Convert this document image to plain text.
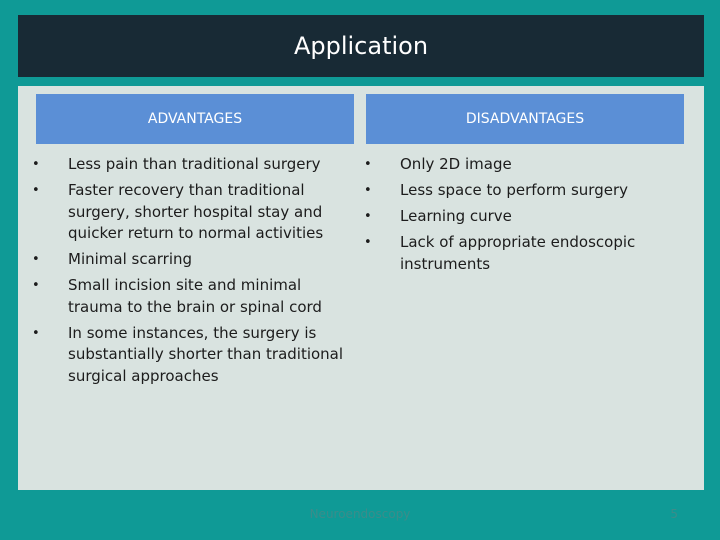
Application
ADVANTAGES	DISADVANTAGES
• Less pain than traditional surgery
• Faster recovery than traditional surgery, shorter hospital stay and quicker return to normal activities
• Minimal scarring
• Small incision site and minimal trauma to the brain or spinal cord
• In some instances, the surgery is substantially shorter than traditional surgical approaches
• Only 2D image
• Less space to perform surgery
• Learning curve
• Lack of appropriate endoscopic instruments
Neuroendoscopy	5
